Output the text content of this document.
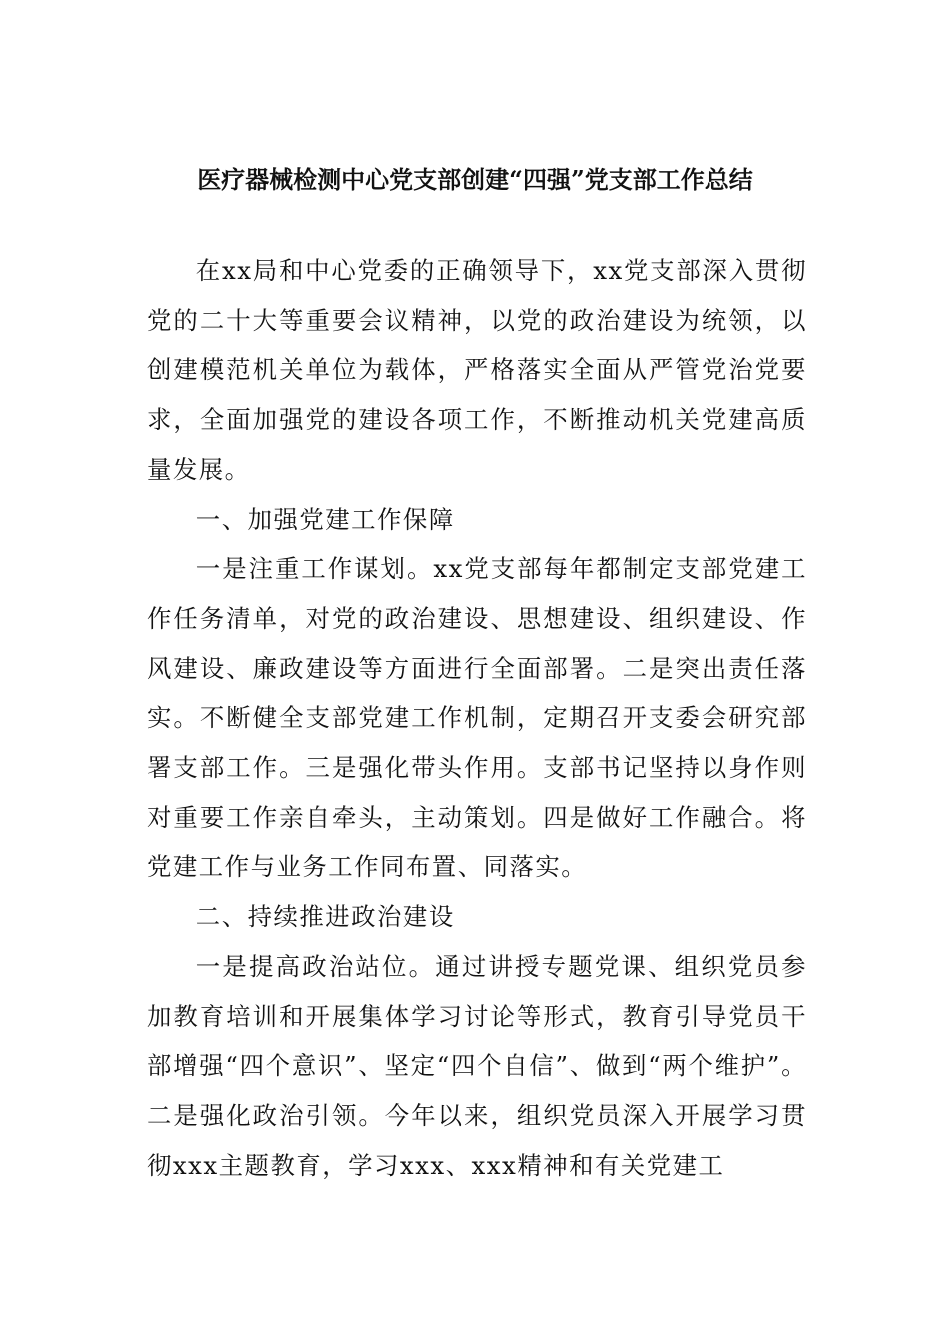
医疗器械检测中心党支部创建“四强”党支部工作总结

在xx局和中心党委的正确领导下，xx党支部深入贯彻党的二十大等重要会议精神，以党的政治建设为统领，以创建模范机关单位为载体，严格落实全面从严管党治党要求，全面加强党的建设各项工作，不断推动机关党建高质量发展。

一、加强党建工作保障

一是注重工作谋划。xx党支部每年都制定支部党建工作任务清单，对党的政治建设、思想建设、组织建设、作风建设、廉政建设等方面进行全面部署。二是突出责任落实。不断健全支部党建工作机制，定期召开支委会研究部署支部工作。三是强化带头作用。支部书记坚持以身作则对重要工作亲自牵头，主动策划。四是做好工作融合。将党建工作与业务工作同布置、同落实。

二、持续推进政治建设

一是提高政治站位。通过讲授专题党课、组织党员参加教育培训和开展集体学习讨论等形式，教育引导党员干部增强“四个意识”、坚定“四个自信”、做到“两个维护”。二是强化政治引领。今年以来，组织党员深入开展学习贯彻xxx主题教育，学习xxx、xxx精神和有关党建工
